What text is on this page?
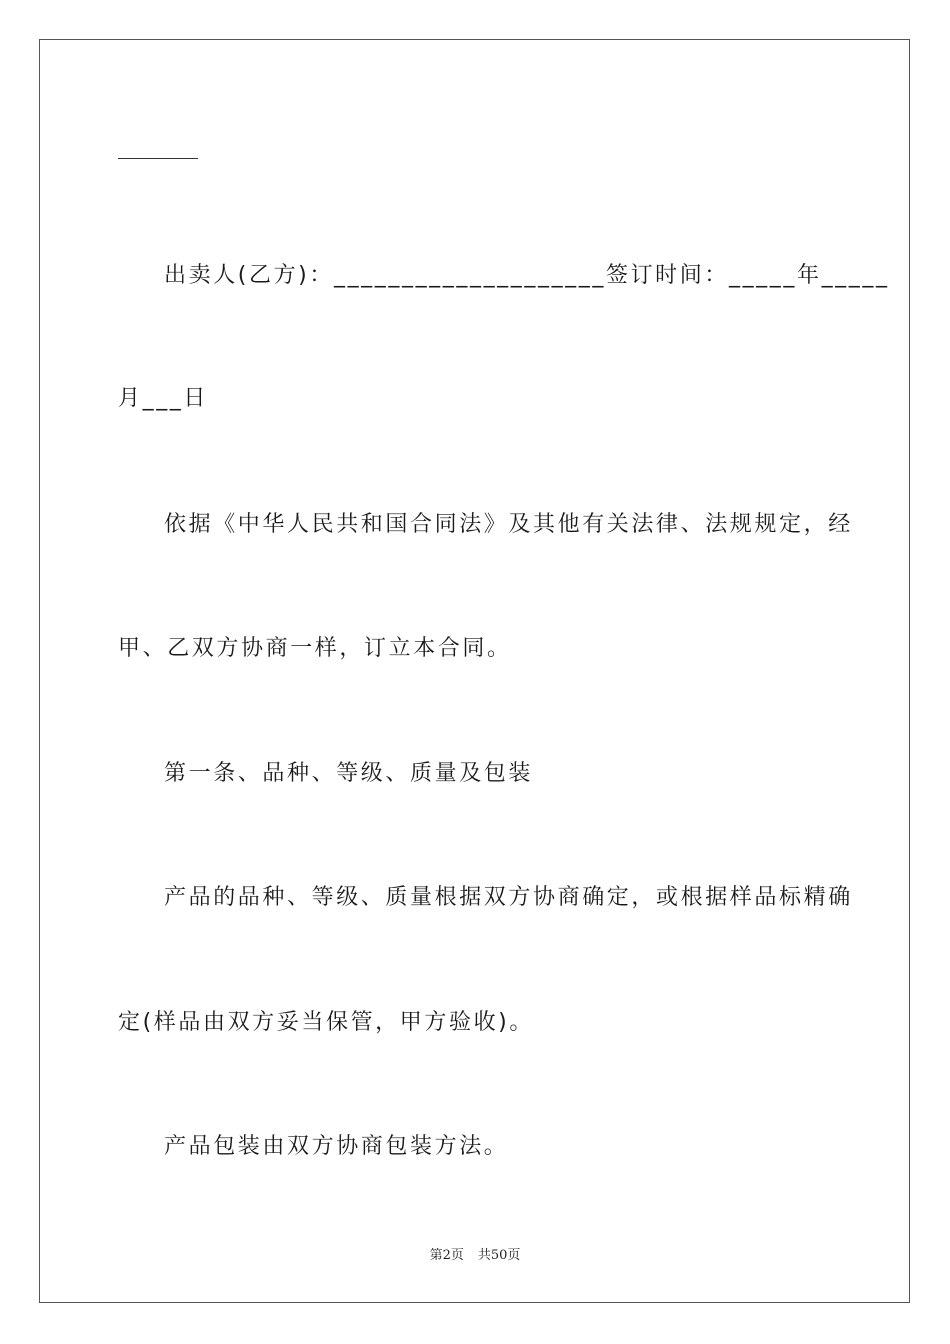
出卖人(乙方)：____________________签订时间：_____年_____
月___日
依据《中华人民共和国合同法》及其他有关法律、法规规定，经
甲、乙双方协商一样，订立本合同。
第一条、品种、等级、质量及包装
产品的品种、等级、质量根据双方协商确定，或根据样品标精确
定(样品由双方妥当保管，甲方验收)。
产品包装由双方协商包装方法。
第2页 共50页
